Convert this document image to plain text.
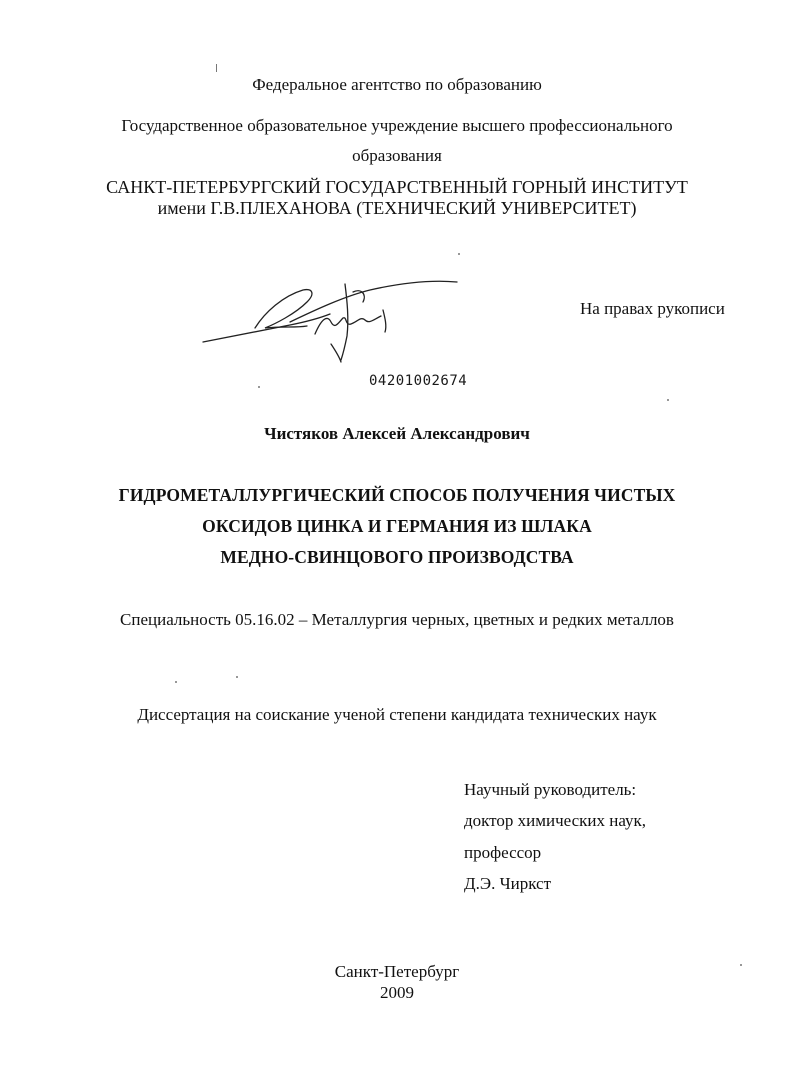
Федеральное агентство по образованию
Государственное образовательное учреждение высшего профессионального
образования
САНКТ-ПЕТЕРБУРГСКИЙ ГОСУДАРСТВЕННЫЙ ГОРНЫЙ ИНСТИТУТ
имени Г.В.ПЛЕХАНОВА (ТЕХНИЧЕСКИЙ УНИВЕРСИТЕТ)
На правах рукописи
04201002674
Чистяков Алексей Александрович
ГИДРОМЕТАЛЛУРГИЧЕСКИЙ СПОСОБ ПОЛУЧЕНИЯ ЧИСТЫХ
ОКСИДОВ ЦИНКА И ГЕРМАНИЯ ИЗ ШЛАКА
МЕДНО-СВИНЦОВОГО ПРОИЗВОДСТВА
Специальность 05.16.02 – Металлургия черных, цветных и редких металлов
Диссертация на соискание ученой степени кандидата технических наук
Научный руководитель:
доктор химических наук,
профессор
Д.Э. Чиркст
Санкт-Петербург
2009
